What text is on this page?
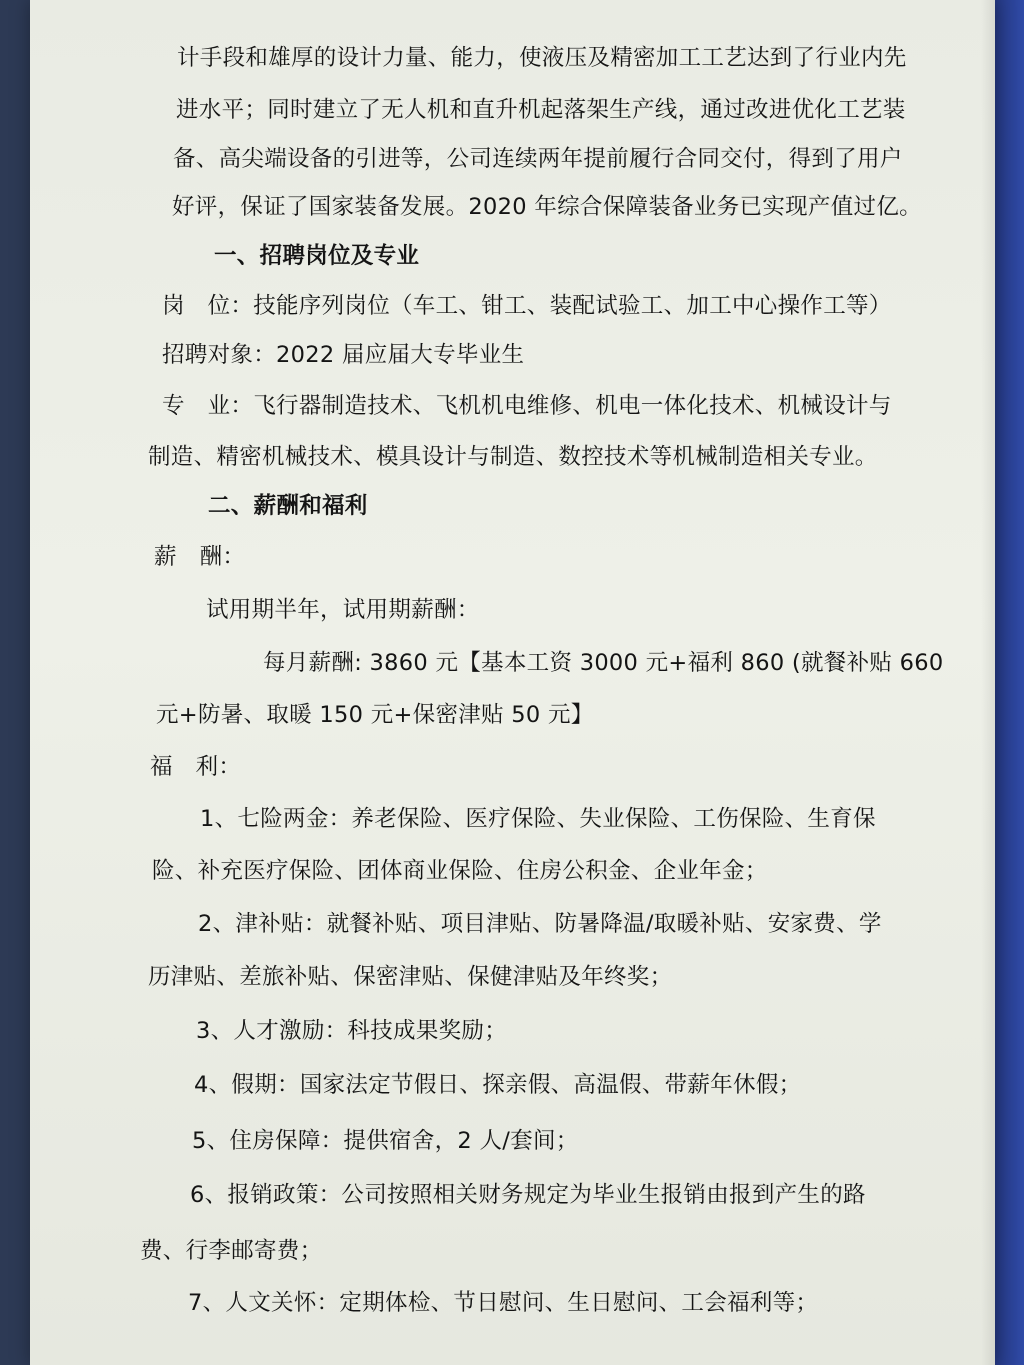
计手段和雄厚的设计力量、能力，使液压及精密加工工艺达到了行业内先
进水平；同时建立了无人机和直升机起落架生产线，通过改进优化工艺装
备、高尖端设备的引进等，公司连续两年提前履行合同交付，得到了用户
好评，保证了国家装备发展。2020 年综合保障装备业务已实现产值过亿。
一、招聘岗位及专业
岗　位：技能序列岗位（车工、钳工、装配试验工、加工中心操作工等）
招聘对象：2022 届应届大专毕业生
专　业：飞行器制造技术、飞机机电维修、机电一体化技术、机械设计与
制造、精密机械技术、模具设计与制造、数控技术等机械制造相关专业。
二、薪酬和福利
薪　酬：
试用期半年，试用期薪酬：
每月薪酬: 3860 元【基本工资 3000 元+福利 860 (就餐补贴 660
元+防暑、取暖 150 元+保密津贴 50 元】
福　利：
1、七险两金：养老保险、医疗保险、失业保险、工伤保险、生育保
险、补充医疗保险、团体商业保险、住房公积金、企业年金；
2、津补贴：就餐补贴、项目津贴、防暑降温/取暖补贴、安家费、学
历津贴、差旅补贴、保密津贴、保健津贴及年终奖；
3、人才激励：科技成果奖励；
4、假期：国家法定节假日、探亲假、高温假、带薪年休假；
5、住房保障：提供宿舍，2 人/套间；
6、报销政策：公司按照相关财务规定为毕业生报销由报到产生的路
费、行李邮寄费；
7、人文关怀：定期体检、节日慰问、生日慰问、工会福利等；
